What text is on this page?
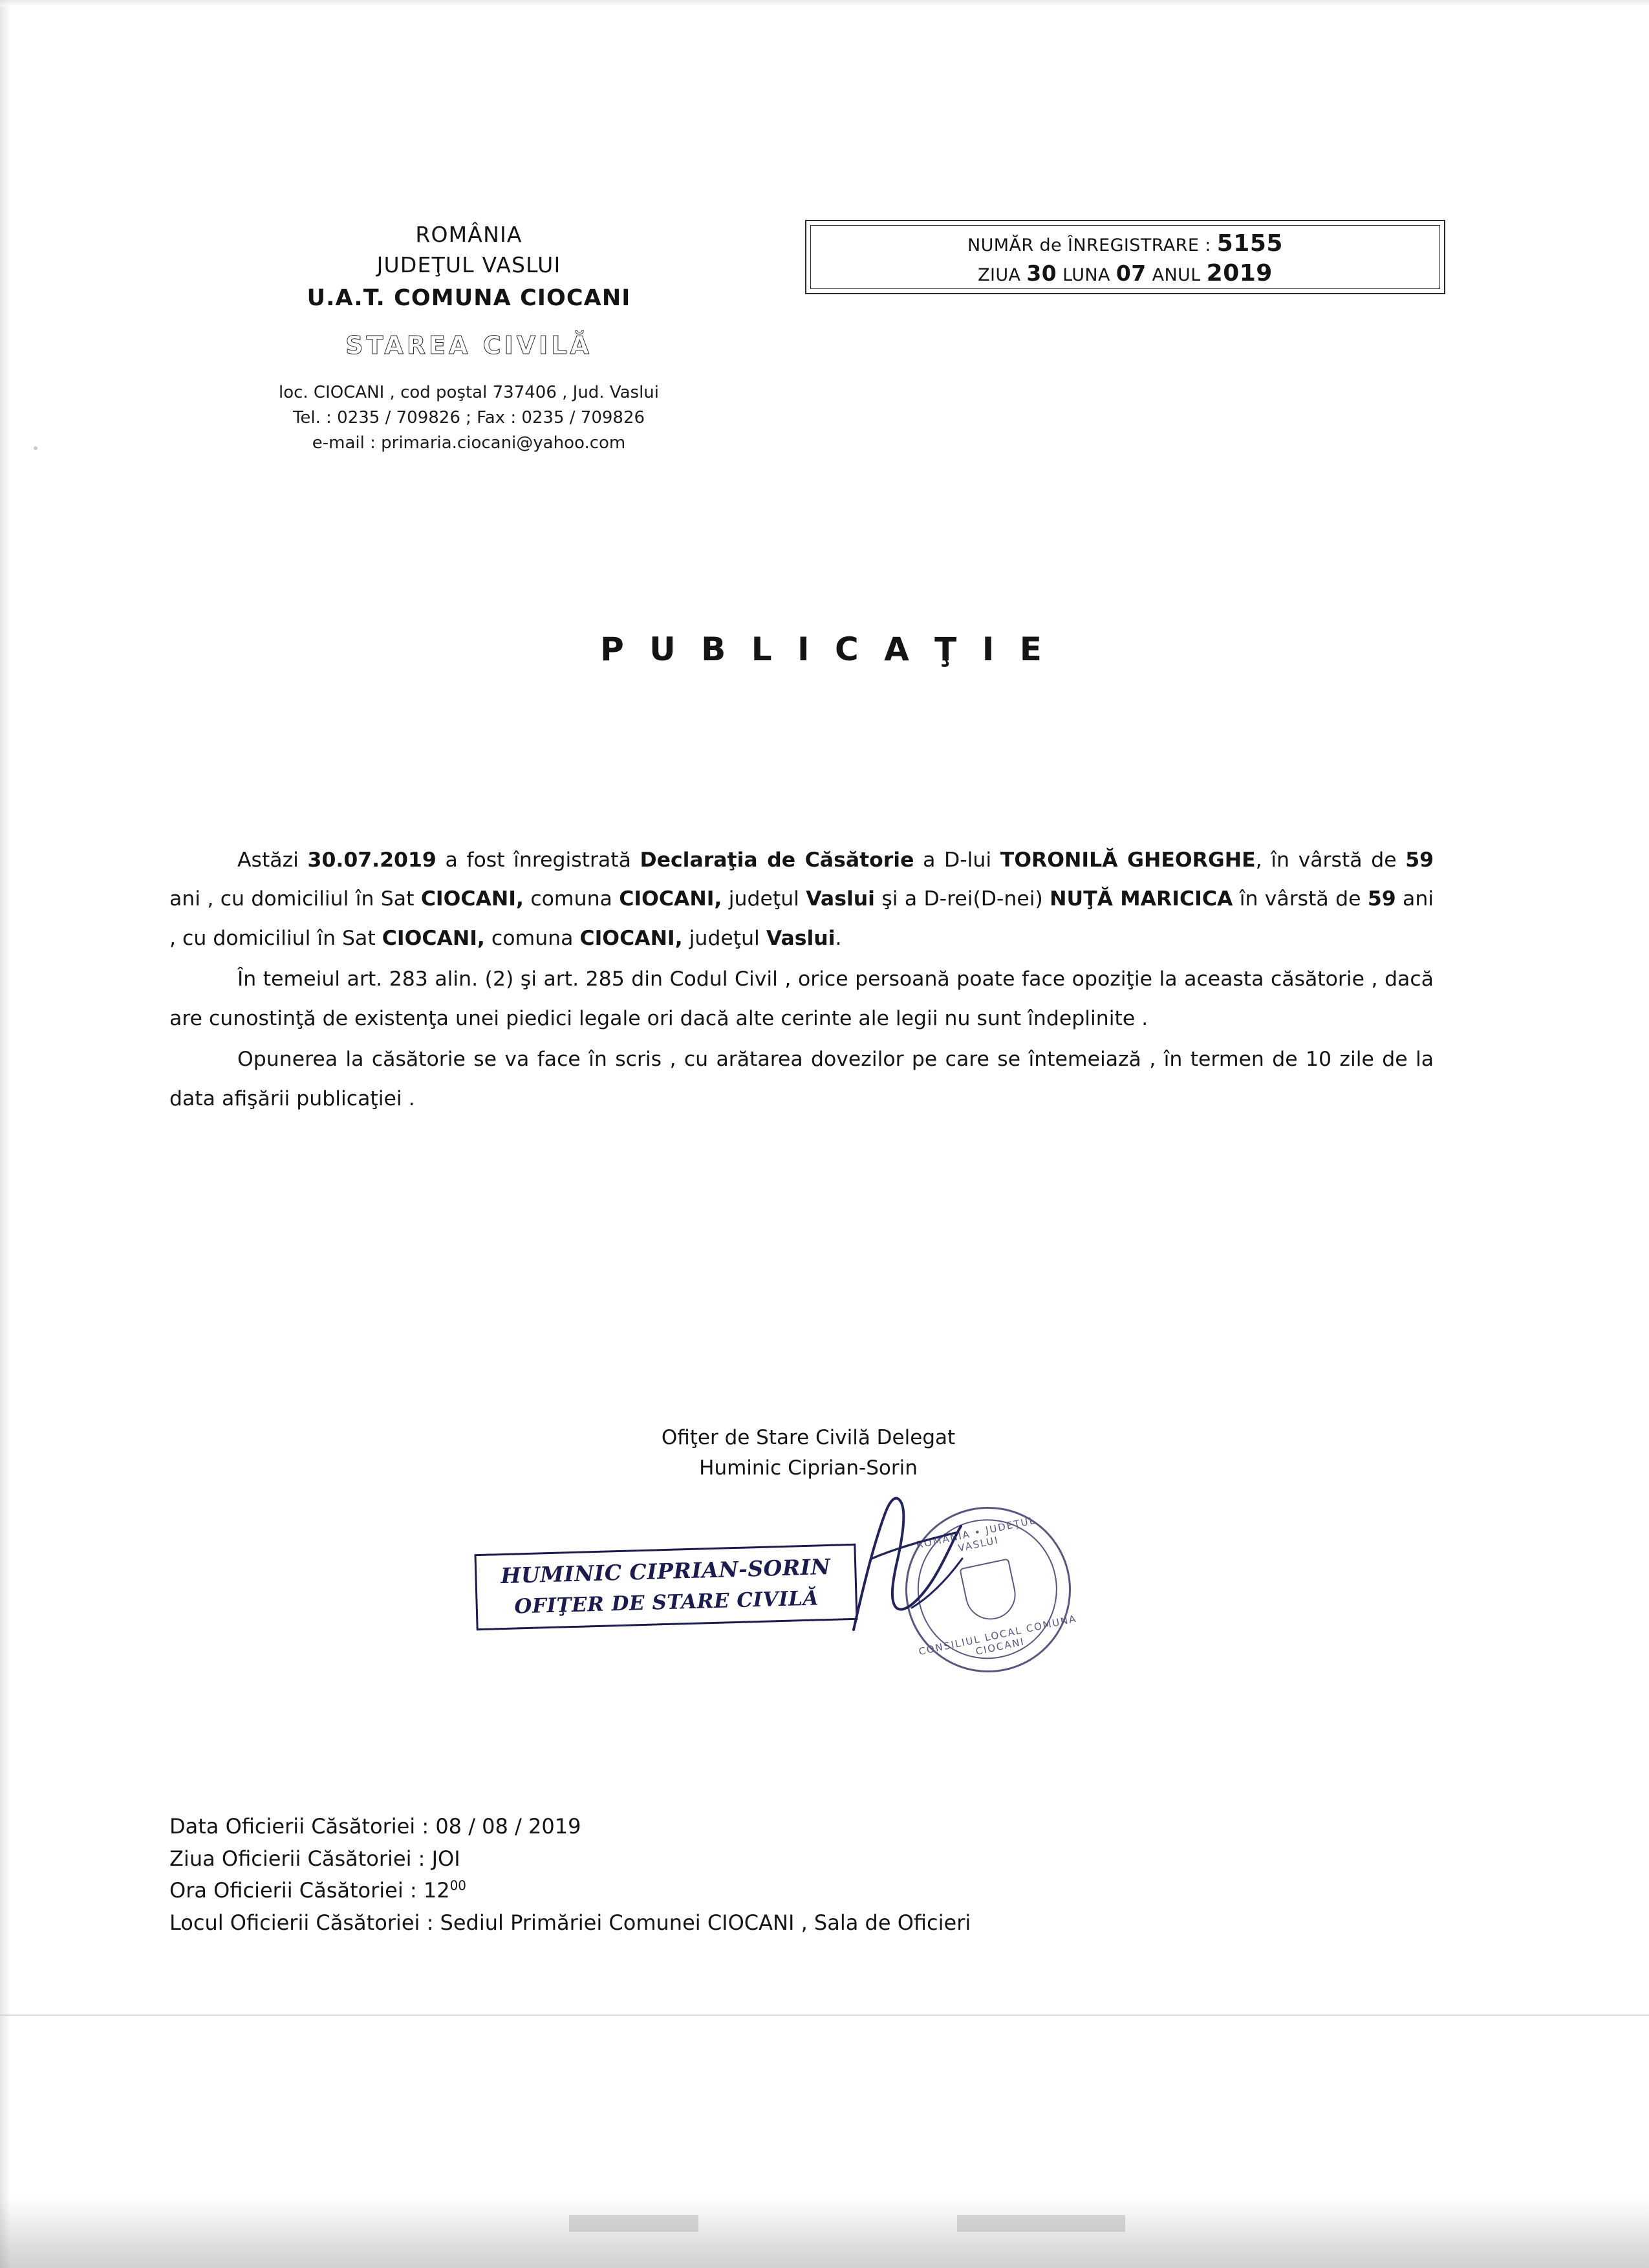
ROMÂNIA
JUDEŢUL VASLUI
U.A.T. COMUNA CIOCANI
STAREA CIVILĂ
loc. CIOCANI , cod poştal 737406 , Jud. Vaslui
Tel. : 0235 / 709826 ; Fax : 0235 / 709826
e-mail : primaria.ciocani@yahoo.com
NUMĂR de ÎNREGISTRARE : 5155
ZIUA 30 LUNA 07 ANUL 2019
P U B L I C A Ţ I E

Astăzi 30.07.2019 a fost înregistrată Declaraţia de Căsătorie a D-lui TORONILĂ GHEORGHE, în vârstă de 59 ani , cu domiciliul în Sat CIOCANI, comuna CIOCANI, judeţul Vaslui şi a D-rei(D-nei) NUŢĂ MARICICA în vârstă de 59 ani , cu domiciliul în Sat CIOCANI, comuna CIOCANI, judeţul Vaslui.

În temeiul art. 283 alin. (2) şi art. 285 din Codul Civil , orice persoană poate face opoziţie la aceasta căsătorie , dacă are cunostinţă de existenţa unei piedici legale ori dacă alte cerinte ale legii nu sunt îndeplinite .

Opunerea la căsătorie se va face în scris , cu arătarea dovezilor pe care se întemeiază , în termen de 10 zile de la data afişării publicaţiei .

Ofiţer de Stare Civilă Delegat
Huminic Ciprian-Sorin
HUMINIC CIPRIAN-SORIN
OFIŢER DE STARE CIVILĂ
ROMÂNIA • JUDEŢUL VASLUI
CONSILIUL LOCAL COMUNA CIOCANI
Data Oficierii Căsătoriei : 08 / 08 / 2019
Ziua Oficierii Căsătoriei : JOI
Ora Oficierii Căsătoriei : $12^{00}$
Locul Oficierii Căsătoriei : Sediul Primăriei Comunei CIOCANI , Sala de Oficieri
